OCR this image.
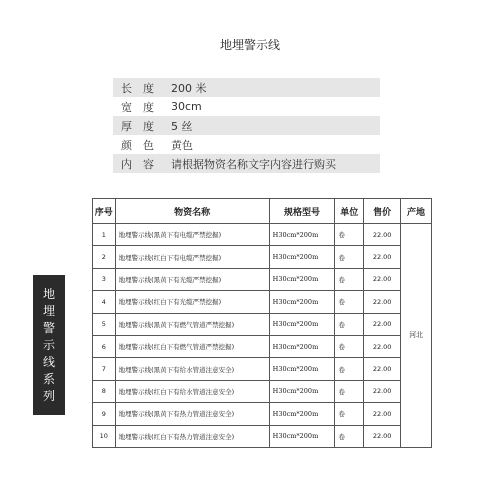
地埋警示线
长　度	200 米
宽　度	30cm
厚　度	5 丝
颜　色	黄色
内　容	请根据物资名称文字内容进行购买
地
埋
警
示
线
系
列
序号	物资名称	规格型号	单位	售价	产地
1	地埋警示线(黑黄下有电缆严禁挖掘)	H30cm*200m	卷	22.00	河北
2	地埋警示线(红白下有电缆严禁挖掘)	H30cm*200m	卷	22.00	
3	地埋警示线(黑黄下有光缆严禁挖掘)	H30cm*200m	卷	22.00	
4	地埋警示线(红白下有光缆严禁挖掘)	H30cm*200m	卷	22.00	
5	地埋警示线(黑黄下有燃气管道严禁挖掘)	H30cm*200m	卷	22.00	
6	地埋警示线(红白下有燃气管道严禁挖掘)	H30cm*200m	卷	22.00	
7	地埋警示线(黑黄下有给水管道注意安全)	H30cm*200m	卷	22.00	
8	地埋警示线(红白下有给水管道注意安全)	H30cm*200m	卷	22.00	
9	地埋警示线(黑黄下有热力管道注意安全)	H30cm*200m	卷	22.00	
10	地埋警示线(红白下有热力管道注意安全)	H30cm*200m	卷	22.00	
